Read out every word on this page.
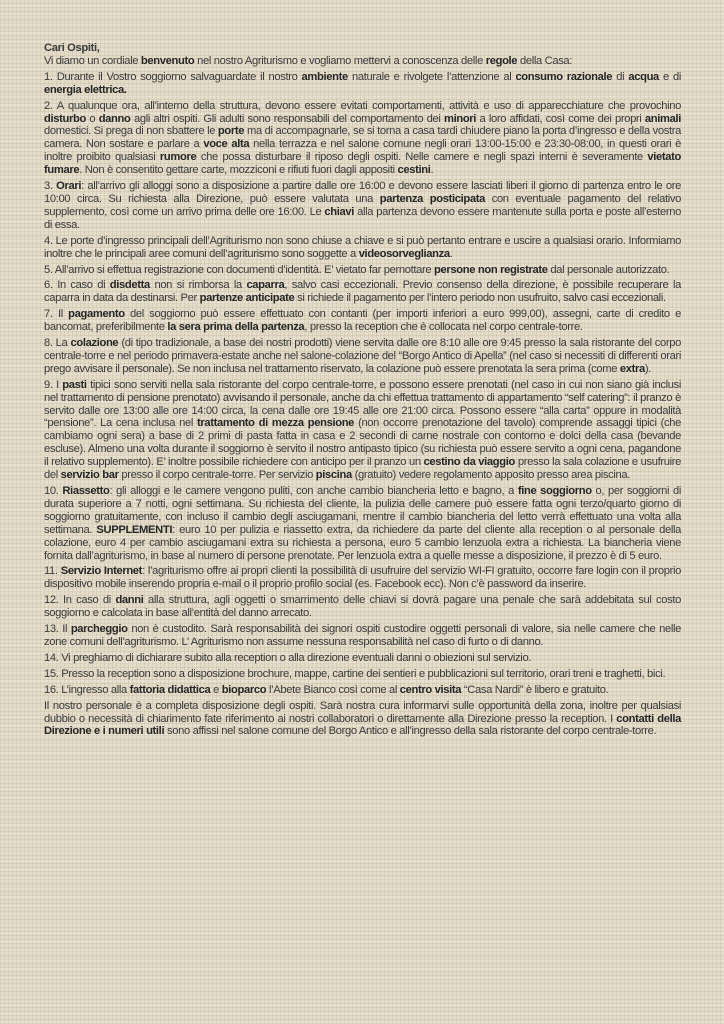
Cari Ospiti,

Vi diamo un cordiale benvenuto nel nostro Agriturismo e vogliamo mettervi a conoscenza delle regole della Casa:

1. Durante il Vostro soggiorno salvaguardate il nostro ambiente naturale e rivolgete l’attenzione al consumo razionale di acqua e di energia elettrica.

2. A qualunque ora, all’interno della struttura, devono essere evitati comportamenti, attività e uso di apparecchiature che provochino disturbo o danno agli altri ospiti. Gli adulti sono responsabili del comportamento dei minori a loro affidati, così come dei propri animali domestici. Si prega di non sbattere le porte ma di accompagnarle, se si torna a casa tardi chiudere piano la porta d’ingresso e della vostra camera. Non sostare e parlare a voce alta nella terrazza e nel salone comune negli orari 13:00-15:00 e 23:30-08:00, in questi orari è inoltre proibito qualsiasi rumore che possa disturbare il riposo degli ospiti. Nelle camere e negli spazi interni è severamente vietato fumare. Non è consentito gettare carte, mozziconi e rifiuti fuori dagli appositi cestini.

3. Orari: all’arrivo gli alloggi sono a disposizione a partire dalle ore 16:00 e devono essere lasciati liberi il giorno di partenza entro le ore 10:00 circa. Su richiesta alla Direzione, può essere valutata una partenza posticipata con eventuale pagamento del relativo supplemento, così come un arrivo prima delle ore 16:00. Le chiavi alla partenza devono essere mantenute sulla porta e poste all’esterno di essa.

4. Le porte d’ingresso principali dell’Agriturismo non sono chiuse a chiave e si può pertanto entrare e uscire a qualsiasi orario. Informiamo inoltre che le principali aree comuni dell’agriturismo sono soggette a videosorveglianza.

5. All’arrivo si effettua registrazione con documenti d’identità. E’ vietato far pernottare persone non registrate dal personale autorizzato.

6. In caso di disdetta non si rimborsa la caparra, salvo casi eccezionali. Previo consenso della direzione, è possibile recuperare la caparra in data da destinarsi. Per partenze anticipate si richiede il pagamento per l’intero periodo non usufruito, salvo casi eccezionali.

7. Il pagamento del soggiorno può essere effettuato con contanti (per importi inferiori a euro 999,00), assegni, carte di credito e bancomat, preferibilmente la sera prima della partenza, presso la reception che è collocata nel corpo centrale-torre.

8. La colazione (di tipo tradizionale, a base dei nostri prodotti) viene servita dalle ore 8:10 alle ore 9:45 presso la sala ristorante del corpo centrale-torre e nel periodo primavera-estate anche nel salone-colazione del “Borgo Antico di Apella” (nel caso si necessiti di differenti orari prego avvisare il personale). Se non inclusa nel trattamento riservato, la colazione può essere prenotata la sera prima (come extra).

9. I pasti tipici sono serviti nella sala ristorante del corpo centrale-torre, e possono essere prenotati (nel caso in cui non siano già inclusi nel trattamento di pensione prenotato) avvisando il personale, anche da chi effettua trattamento di appartamento “self catering”: il pranzo è servito dalle ore 13:00 alle ore 14:00 circa, la cena dalle ore 19:45 alle ore 21:00 circa. Possono essere “alla carta” oppure in modalità “pensione”. La cena inclusa nel trattamento di mezza pensione (non occorre prenotazione del tavolo) comprende assaggi tipici (che cambiamo ogni sera) a base di 2 primi di pasta fatta in casa e 2 secondi di carne nostrale con contorno e dolci della casa (bevande escluse). Almeno una volta durante il soggiorno è servito il nostro antipasto tipico (su richiesta può essere servito a ogni cena, pagandone il relativo supplemento). E’ inoltre possibile richiedere con anticipo per il pranzo un cestino da viaggio presso la sala colazione e usufruire del servizio bar presso il corpo centrale-torre. Per servizio piscina (gratuito) vedere regolamento apposito presso area piscina.

10. Riassetto: gli alloggi e le camere vengono puliti, con anche cambio biancheria letto e bagno, a fine soggiorno o, per soggiorni di durata superiore a 7 notti, ogni settimana. Su richiesta del cliente, la pulizia delle camere può essere fatta ogni terzo/quarto giorno di soggiorno gratuitamente, con incluso il cambio degli asciugamani, mentre il cambio biancheria del letto verrà effettuato una volta alla settimana. SUPPLEMENTI: euro 10 per pulizia e riassetto extra, da richiedere da parte del cliente alla reception o al personale della colazione, euro 4 per cambio asciugamani extra su richiesta a persona, euro 5 cambio lenzuola extra a richiesta. La biancheria viene fornita dall’agriturismo, in base al numero di persone prenotate. Per lenzuola extra a quelle messe a disposizione, il prezzo è di 5 euro.

11. Servizio Internet: l’agriturismo offre ai propri clienti la possibilità di usufruire del servizio WI-FI gratuito, occorre fare login con il proprio dispositivo mobile inserendo propria e-mail o il proprio profilo social (es. Facebook ecc). Non c’è password da inserire.

12. In caso di danni alla struttura, agli oggetti o smarrimento delle chiavi si dovrà pagare una penale che sarà addebitata sul costo soggiorno e calcolata in base all’entità del danno arrecato.

13. Il parcheggio non è custodito. Sarà responsabilità dei signori ospiti custodire oggetti personali di valore, sia nelle camere che nelle zone comuni dell’agriturismo. L’ Agriturismo non assume nessuna responsabilità nel caso di furto o di danno.

14. Vi preghiamo di dichiarare subito alla reception o alla direzione eventuali danni o obiezioni sul servizio.

15. Presso la reception sono a disposizione brochure, mappe, cartine dei sentieri e pubblicazioni sul territorio, orari treni e traghetti, bici.

16. L’ingresso alla fattoria didattica e bioparco l’Abete Bianco così come al centro visita “Casa Nardi” è libero e gratuito.

Il nostro personale è a completa disposizione degli ospiti. Sarà nostra cura informarvi sulle opportunità della zona, inoltre per qualsiasi dubbio o necessità di chiarimento fate riferimento ai nostri collaboratori o direttamente alla Direzione presso la reception. I contatti della Direzione e i numeri utili sono affissi nel salone comune del Borgo Antico e all’ingresso della sala ristorante del corpo centrale-torre.
